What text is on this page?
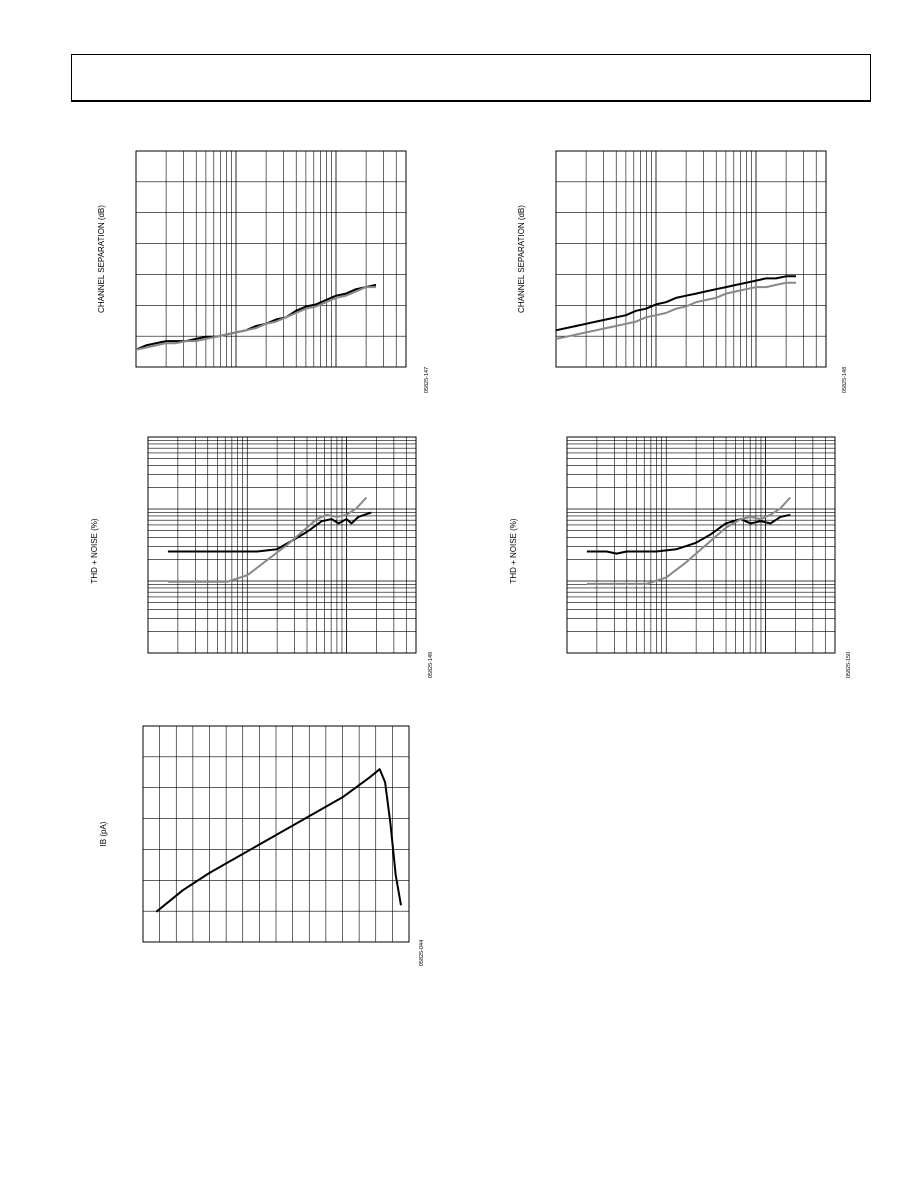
CHANNEL SEPARATION (dB)
05825-147
CHANNEL SEPARATION (dB)
05825-148
THD + NOISE (%)
05825-149
THD + NOISE (%)
05825-150
IB (pA)
05825-044
